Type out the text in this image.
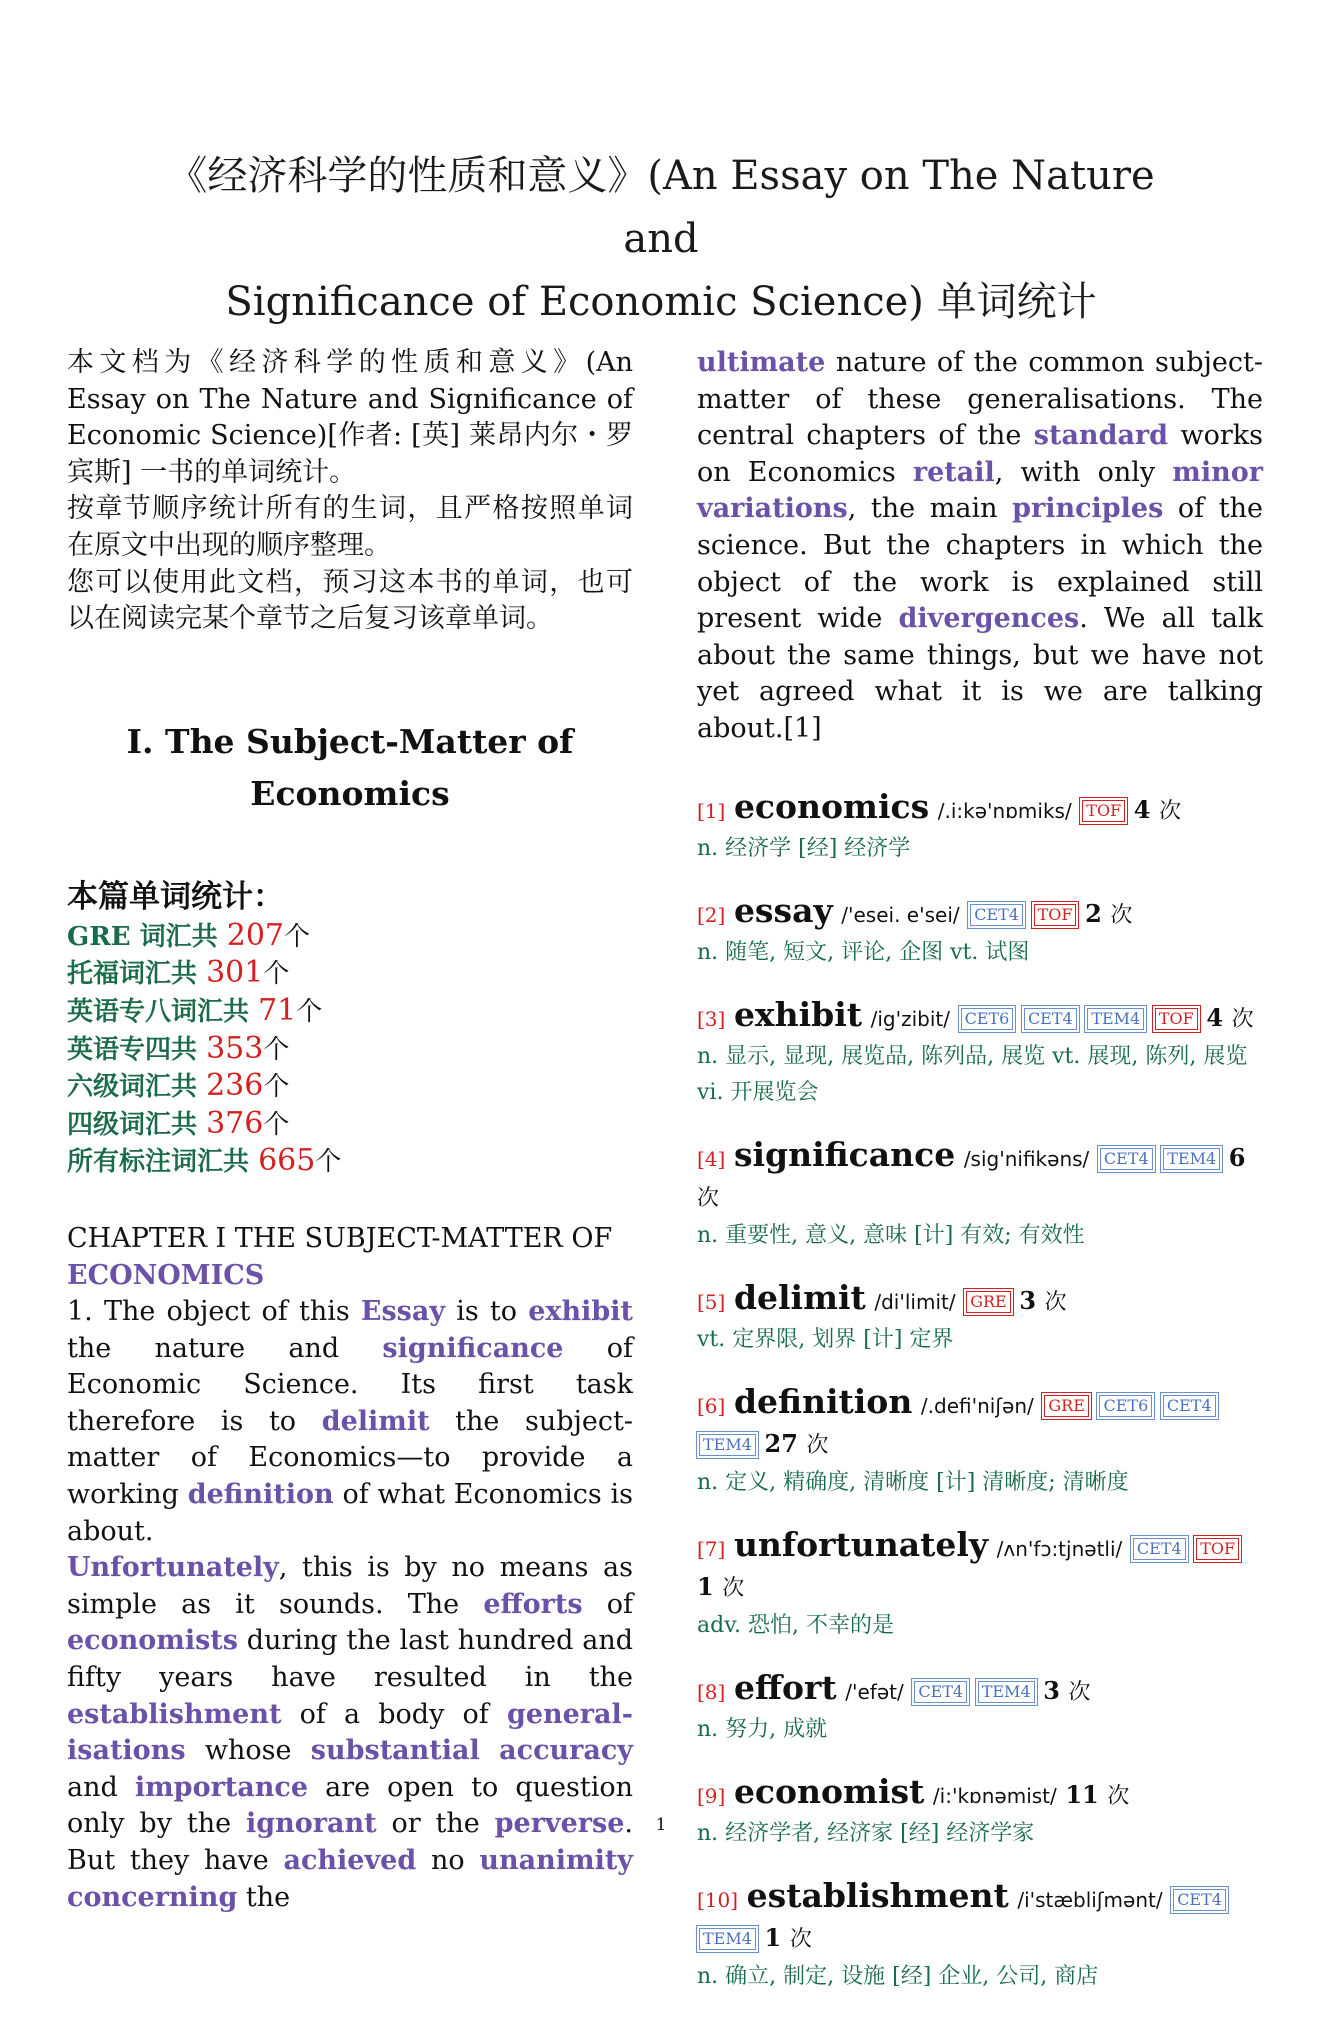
《经济科学的性质和意义》(An Essay on The Nature and
Significance of Economic Science) 单词统计

本文档为《经济科学的性质和意义》(An Essay on The Nature and Significance of Economic Science)[作者: [英] 莱昂内尔・罗宾斯] 一书的单词统计。

按章节顺序统计所有的生词，且严格按照单词在原文中出现的顺序整理。

您可以使用此文档，预习这本书的单词，也可以在阅读完某个章节之后复习该章单词。

I. The Subject-Matter of
Economics
本篇单词统计：
GRE 词汇共 207个
托福词汇共 301个
英语专八词汇共 71个
英语专四共 353个
六级词汇共 236个
四级词汇共 376个
所有标注词汇共 665个

CHAPTER I THE SUBJECT-MATTER OF
ECONOMICS

1. The object of this Essay is to exhibit the nature and significance of Economic Science. Its first task therefore is to delimit the subject-matter of Economics—to provide a working definition of what Economics is about.
Unfortunately, this is by no means as simple as it sounds. The efforts of economists during the last hundred and fifty years have resulted in the establishment of a body of general-isations whose substantial accuracy and importance are open to question only by the ignorant or the perverse. But they have achieved no unanimity concerning the

ultimate nature of the common subject-matter of these generalisations. The central chapters of the standard works on Economics retail, with only minor variations, the main principles of the science. But the chapters in which the object of the work is explained still present wide divergences. We all talk about the same things, but we have not yet agreed what it is we are talking about.[1]

[1] economics /.i:kə'nɒmiks/ TOF 4 次
n. 经济学 [经] 经济学
[2] essay /'esei. e'sei/ CET4 TOF 2 次
n. 随笔, 短文, 评论, 企图 vt. 试图
[3] exhibit /ig'zibit/ CET6 CET4 TEM4 TOF 4 次
n. 显示, 显现, 展览品, 陈列品, 展览 vt. 展现, 陈列, 展览 vi. 开展览会
[4] significance /sig'nifikəns/ CET4 TEM4 6 次
n. 重要性, 意义, 意味 [计] 有效; 有效性
[5] delimit /di'limit/ GRE 3 次
vt. 定界限, 划界 [计] 定界
[6] definition /.defi'niʃən/ GRE CET6 CET4 TEM4 27 次
n. 定义, 精确度, 清晰度 [计] 清晰度; 清晰度
[7] unfortunately /ʌn'fɔ:tjnətli/ CET4 TOF 1 次
adv. 恐怕, 不幸的是
[8] effort /'efət/ CET4 TEM4 3 次
n. 努力, 成就
[9] economist /i:'kɒnəmist/ 11 次
n. 经济学者, 经济家 [经] 经济学家
[10] establishment /i'stæbliʃmənt/ CET4 TEM4 1 次
n. 确立, 制定, 设施 [经] 企业, 公司, 商店
1
